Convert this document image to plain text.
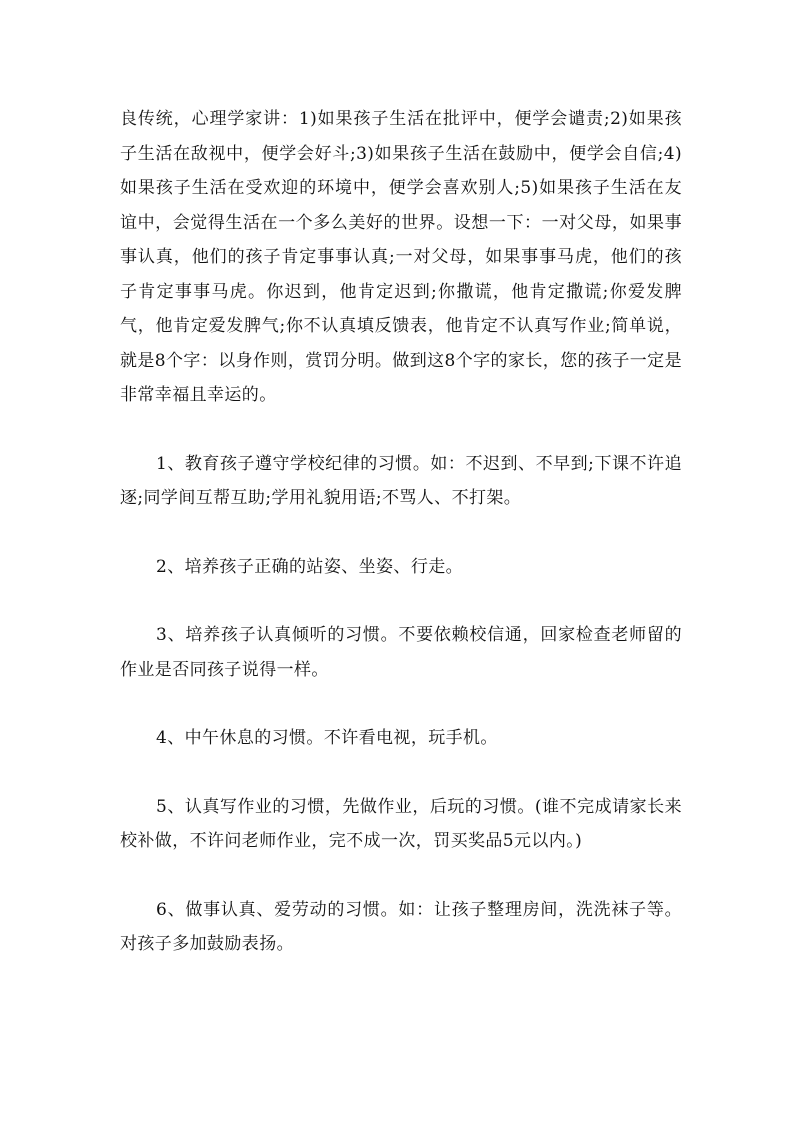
良传统，心理学家讲：1)如果孩子生活在批评中，便学会谴责;2)如果孩子生活在敌视中，便学会好斗;3)如果孩子生活在鼓励中，便学会自信;4)如果孩子生活在受欢迎的环境中，便学会喜欢别人;5)如果孩子生活在友谊中，会觉得生活在一个多么美好的世界。设想一下：一对父母，如果事事认真，他们的孩子肯定事事认真;一对父母，如果事事马虎，他们的孩子肯定事事马虎。你迟到，他肯定迟到;你撒谎，他肯定撒谎;你爱发脾气，他肯定爱发脾气;你不认真填反馈表，他肯定不认真写作业;简单说，就是8个字：以身作则，赏罚分明。做到这8个字的家长，您的孩子一定是非常幸福且幸运的。

1、教育孩子遵守学校纪律的习惯。如：不迟到、不早到;下课不许追逐;同学间互帮互助;学用礼貌用语;不骂人、不打架。

2、培养孩子正确的站姿、坐姿、行走。

3、培养孩子认真倾听的习惯。不要依赖校信通，回家检查老师留的作业是否同孩子说得一样。

4、中午休息的习惯。不许看电视，玩手机。

5、认真写作业的习惯，先做作业，后玩的习惯。(谁不完成请家长来校补做，不许问老师作业，完不成一次，罚买奖品5元以内。)

6、做事认真、爱劳动的习惯。如：让孩子整理房间，洗洗袜子等。对孩子多加鼓励表扬。
